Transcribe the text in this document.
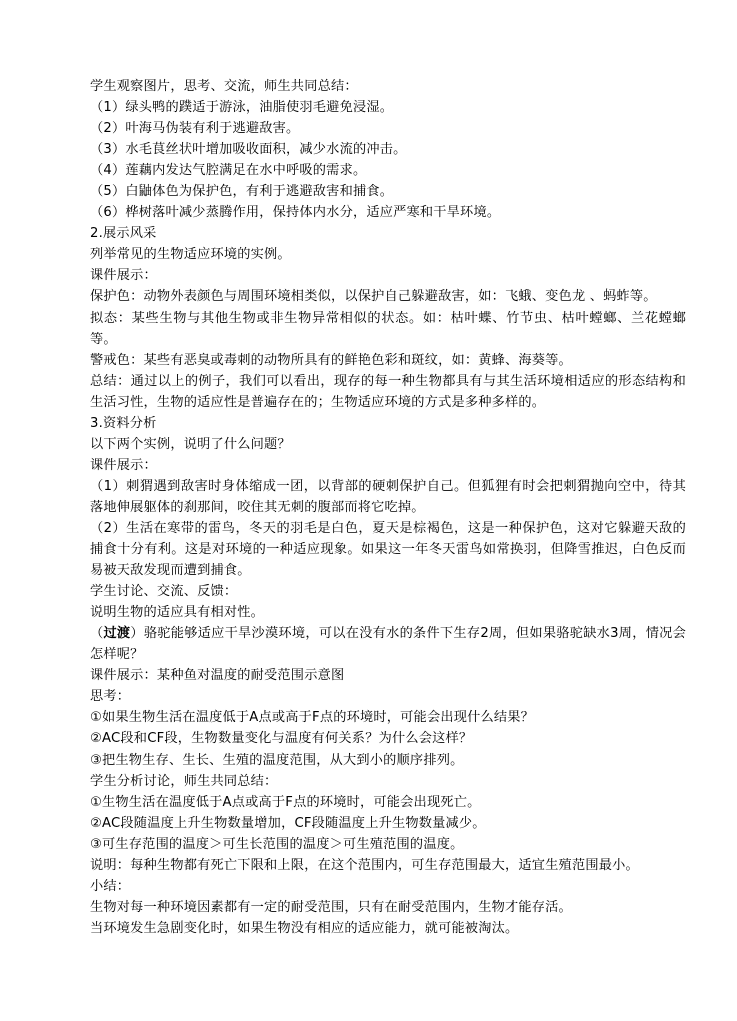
学生观察图片，思考、交流，师生共同总结：
（1）绿头鸭的蹼适于游泳，油脂使羽毛避免浸湿。
（2）叶海马伪装有利于逃避敌害。
（3）水毛茛丝状叶增加吸收面积，减少水流的冲击。
（4）莲藕内发达气腔满足在水中呼吸的需求。
（5）白鼬体色为保护色，有利于逃避敌害和捕食。
（6）桦树落叶减少蒸腾作用，保持体内水分，适应严寒和干旱环境。
2.展示风采
列举常见的生物适应环境的实例。
课件展示：
保护色：动物外表颜色与周围环境相类似，以保护自己躲避敌害，如：飞蛾、变色龙 、蚂蚱等。
拟态：某些生物与其他生物或非生物异常相似的状态。如：枯叶蝶、竹节虫、枯叶螳螂、兰花螳螂等。
警戒色：某些有恶臭或毒刺的动物所具有的鲜艳色彩和斑纹，如：黄蜂、海葵等。
总结：通过以上的例子，我们可以看出，现存的每一种生物都具有与其生活环境相适应的形态结构和生活习性，生物的适应性是普遍存在的；生物适应环境的方式是多种多样的。
3.资料分析
以下两个实例，说明了什么问题？
课件展示：
（1）刺猬遇到敌害时身体缩成一团，以背部的硬刺保护自己。但狐狸有时会把刺猬抛向空中，待其落地伸展躯体的刹那间，咬住其无刺的腹部而将它吃掉。
（2）生活在寒带的雷鸟，冬天的羽毛是白色，夏天是棕褐色，这是一种保护色，这对它躲避天敌的捕食十分有利。这是对环境的一种适应现象。如果这一年冬天雷鸟如常换羽，但降雪推迟，白色反而易被天敌发现而遭到捕食。
学生讨论、交流、反馈：
说明生物的适应具有相对性。
（过渡）骆驼能够适应干旱沙漠环境，可以在没有水的条件下生存2周，但如果骆驼缺水3周，情况会怎样呢？
课件展示：某种鱼对温度的耐受范围示意图
思考：
①如果生物生活在温度低于A点或高于F点的环境时，可能会出现什么结果？
②AC段和CF段，生物数量变化与温度有何关系？为什么会这样？
③把生物生存、生长、生殖的温度范围，从大到小的顺序排列。
学生分析讨论，师生共同总结：
①生物生活在温度低于A点或高于F点的环境时，可能会出现死亡。
②AC段随温度上升生物数量增加，CF段随温度上升生物数量减少。
③可生存范围的温度＞可生长范围的温度＞可生殖范围的温度。
说明：每种生物都有死亡下限和上限，在这个范围内，可生存范围最大，适宜生殖范围最小。
小结：
生物对每一种环境因素都有一定的耐受范围，只有在耐受范围内，生物才能存活。
当环境发生急剧变化时，如果生物没有相应的适应能力，就可能被淘汰。
